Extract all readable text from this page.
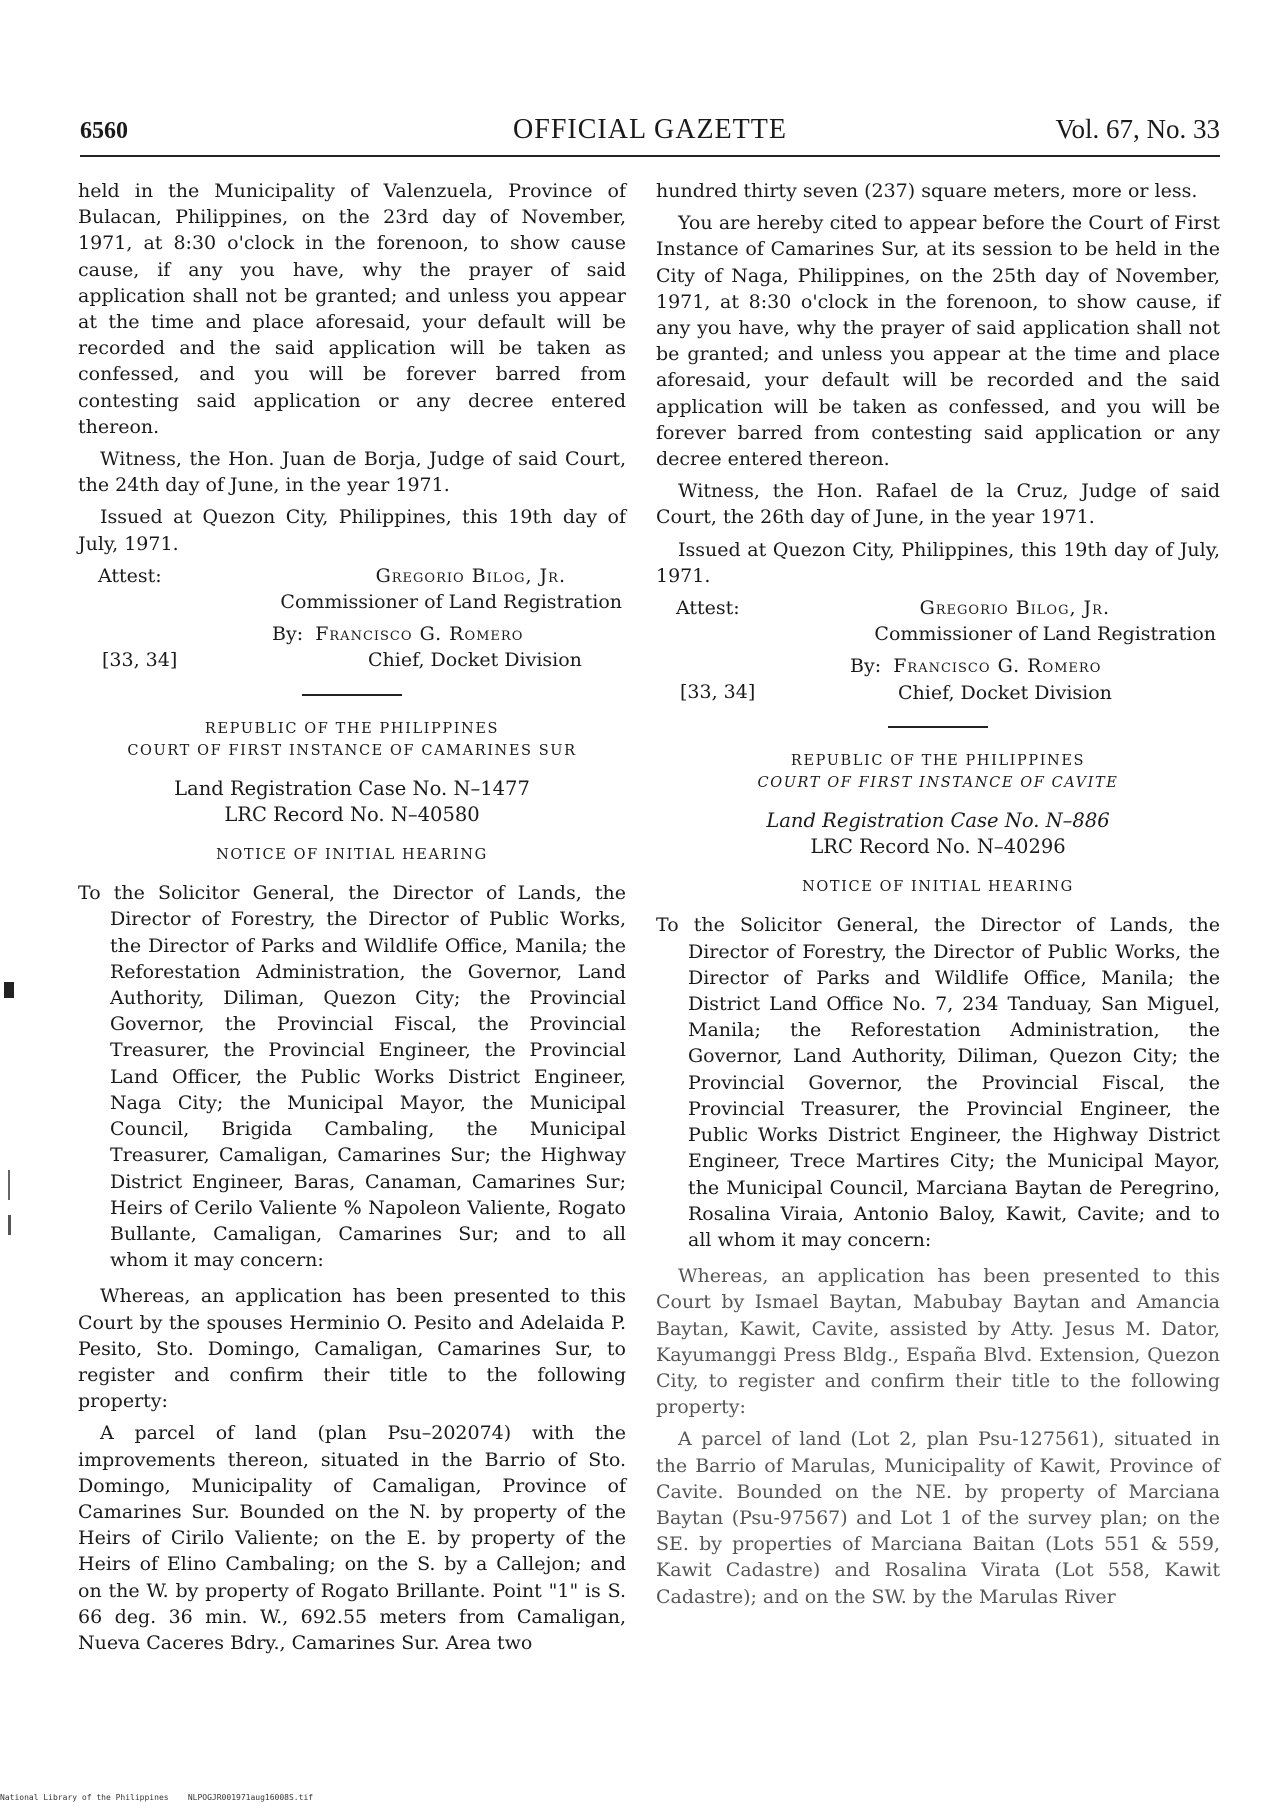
6560	OFFICIAL GAZETTE	Vol. 67, No. 33

held in the Municipality of Valenzuela, Province of Bulacan, Philippines, on the 23rd day of November, 1971, at 8:30 o'clock in the forenoon, to show cause cause, if any you have, why the prayer of said application shall not be granted; and unless you appear at the time and place aforesaid, your default will be recorded and the said application will be taken as confessed, and you will be forever barred from contesting said application or any decree entered thereon.

Witness, the Hon. Juan de Borja, Judge of said Court, the 24th day of June, in the year 1971.

Issued at Quezon City, Philippines, this 19th day of July, 1971.

Attest:	Gregorio Bilog, Jr.
Commissioner of Land Registration
[33, 34]
By: Francisco G. Romero
Chief, Docket Division
REPUBLIC OF THE PHILIPPINES
COURT OF FIRST INSTANCE OF CAMARINES SUR
Land Registration Case No. N–1477
LRC Record No. N–40580
NOTICE OF INITIAL HEARING

To the Solicitor General, the Director of Lands, the Director of Forestry, the Director of Public Works, the Director of Parks and Wildlife Office, Manila; the Reforestation Administration, the Governor, Land Authority, Diliman, Quezon City; the Provincial Governor, the Provincial Fiscal, the Provincial Treasurer, the Provincial Engineer, the Provincial Land Officer, the Public Works District Engineer, Naga City; the Municipal Mayor, the Municipal Council, Brigida Cambaling, the Municipal Treasurer, Camaligan, Camarines Sur; the Highway District Engineer, Baras, Canaman, Camarines Sur; Heirs of Cerilo Valiente % Napoleon Valiente, Rogato Bullante, Camaligan, Camarines Sur; and to all whom it may concern:

Whereas, an application has been presented to this Court by the spouses Herminio O. Pesito and Adelaida P. Pesito, Sto. Domingo, Camaligan, Camarines Sur, to register and confirm their title to the following property:

A parcel of land (plan Psu–202074) with the improvements thereon, situated in the Barrio of Sto. Domingo, Municipality of Camaligan, Province of Camarines Sur. Bounded on the N. by property of the Heirs of Cirilo Valiente; on the E. by property of the Heirs of Elino Cambaling; on the S. by a Callejon; and on the W. by property of Rogato Brillante. Point "1" is S. 66 deg. 36 min. W., 692.55 meters from Camaligan, Nueva Caceres Bdry., Camarines Sur. Area two

hundred thirty seven (237) square meters, more or less.

You are hereby cited to appear before the Court of First Instance of Camarines Sur, at its session to be held in the City of Naga, Philippines, on the 25th day of November, 1971, at 8:30 o'clock in the forenoon, to show cause, if any you have, why the prayer of said application shall not be granted; and unless you appear at the time and place aforesaid, your default will be recorded and the said application will be taken as confessed, and you will be forever barred from contesting said application or any decree entered thereon.

Witness, the Hon. Rafael de la Cruz, Judge of said Court, the 26th day of June, in the year 1971.

Issued at Quezon City, Philippines, this 19th day of July, 1971.

Attest:	Gregorio Bilog, Jr.
Commissioner of Land Registration
[33, 34]
By: Francisco G. Romero
Chief, Docket Division
REPUBLIC OF THE PHILIPPINES
COURT OF FIRST INSTANCE OF CAVITE
Land Registration Case No. N–886
LRC Record No. N–40296
NOTICE OF INITIAL HEARING

To the Solicitor General, the Director of Lands, the Director of Forestry, the Director of Public Works, the Director of Parks and Wildlife Office, Manila; the District Land Office No. 7, 234 Tanduay, San Miguel, Manila; the Reforestation Administration, the Governor, Land Authority, Diliman, Quezon City; the Provincial Governor, the Provincial Fiscal, the Provincial Treasurer, the Provincial Engineer, the Public Works District Engineer, the Highway District Engineer, Trece Martires City; the Municipal Mayor, the Municipal Council, Marciana Baytan de Peregrino, Rosalina Viraia, Antonio Baloy, Kawit, Cavite; and to all whom it may concern:

Whereas, an application has been presented to this Court by Ismael Baytan, Mabubay Baytan and Amancia Baytan, Kawit, Cavite, assisted by Atty. Jesus M. Dator, Kayumanggi Press Bldg., España Blvd. Extension, Quezon City, to register and confirm their title to the following property:

A parcel of land (Lot 2, plan Psu-127561), situated in the Barrio of Marulas, Municipality of Kawit, Province of Cavite. Bounded on the NE. by property of Marciana Baytan (Psu-97567) and Lot 1 of the survey plan; on the SE. by properties of Marciana Baitan (Lots 551 & 559, Kawit Cadastre) and Rosalina Virata (Lot 558, Kawit Cadastre); and on the SW. by the Marulas River

National Library of the Philippines NLPOGJR001971aug16008S.tif
